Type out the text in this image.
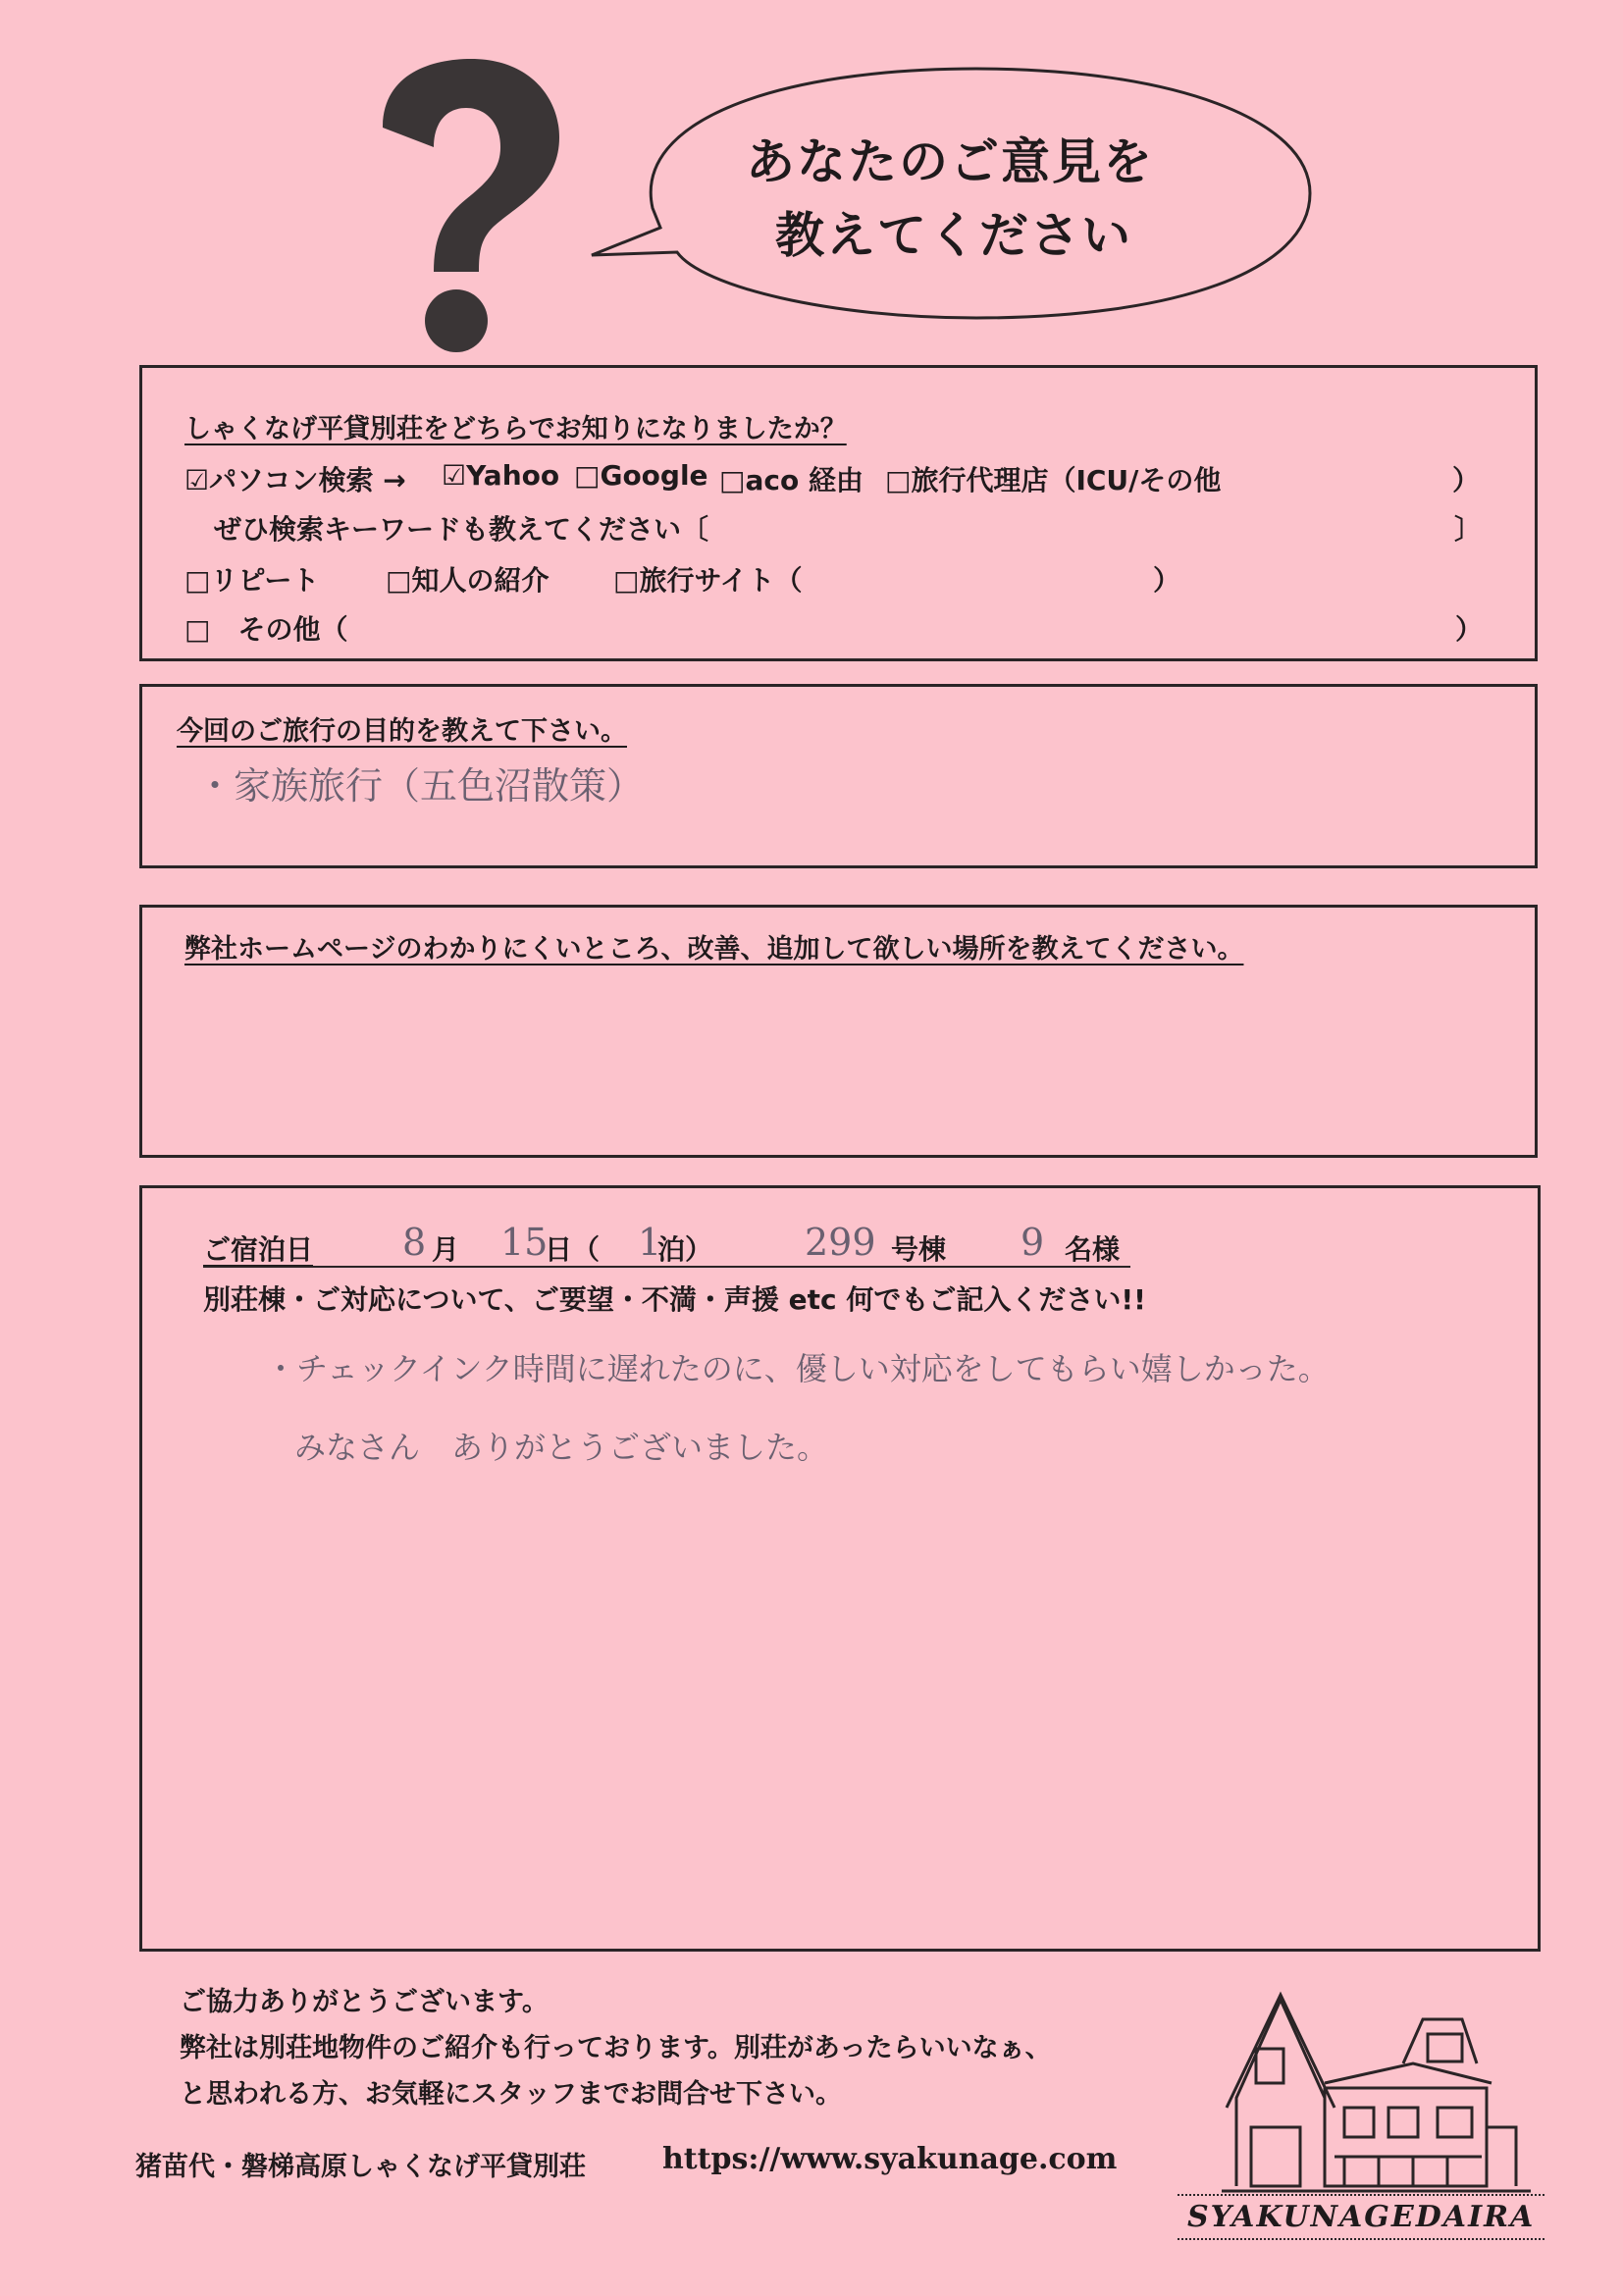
あなたのご意見を
教えてください
しゃくなげ平貸別荘をどちらでお知りになりましたか？
☑パソコン検索 → ☑Yahoo □Google □aco 経由 □旅行代理店（ICU/その他	）
ぜひ検索キーワードも教えてください〔	〕
□リピート □知人の紹介 □旅行サイト（	）
□　その他（	）
今回のご旅行の目的を教えて下さい。
・家族旅行（五色沼散策）
弊社ホームページのわかりにくいところ、改善、追加して欲しい場所を教えてください。
ご宿泊日 8 月 15
日（ 1
泊） 299 号棟 9 名様
別荘棟・ご対応について、ご要望・不満・声援 etc 何でもご記入ください!!
・チェックインク時間に遅れたのに、優しい対応をしてもらい嬉しかった。
みなさん　ありがとうございました。
ご協力ありがとうございます。
弊社は別荘地物件のご紹介も行っております。別荘があったらいいなぁ、
と思われる方、お気軽にスタッフまでお問合せ下さい。
猪苗代・磐梯高原しゃくなげ平貸別荘	https://www.syakunage.com
SYAKUNAGEDAIRA
